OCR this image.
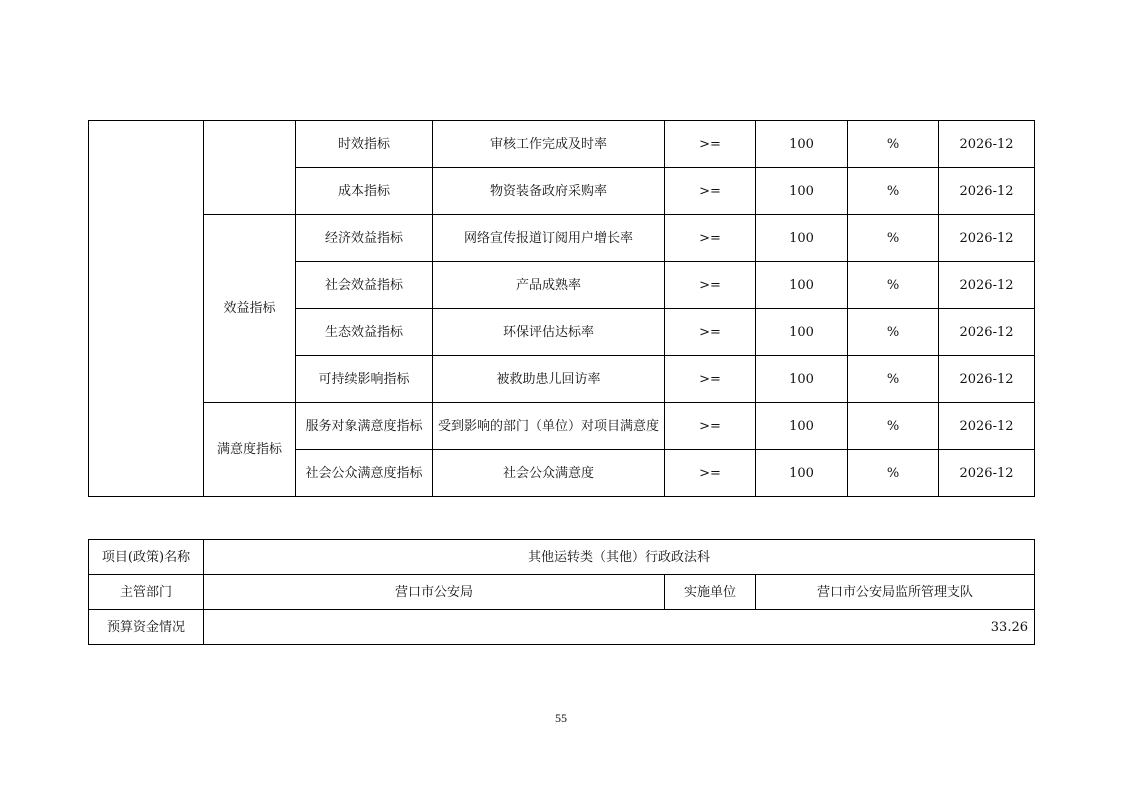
		时效指标	审核工作完成及时率	>=	100	%	2026-12
		成本指标	物资装备政府采购率	>=	100	%	2026-12
	效益指标	经济效益指标	网络宣传报道订阅用户增长率	>=	100	%	2026-12
		社会效益指标	产品成熟率	>=	100	%	2026-12
		生态效益指标	环保评估达标率	>=	100	%	2026-12
		可持续影响指标	被救助患儿回访率	>=	100	%	2026-12
	满意度指标	服务对象满意度指标	受到影响的部门（单位）对项目满意度	>=	100	%	2026-12
		社会公众满意度指标	社会公众满意度	>=	100	%	2026-12
项目(政策)名称	其他运转类（其他）行政政法科		
主管部门	营口市公安局	实施单位	营口市公安局监所管理支队
预算资金情况	33.26		
55
